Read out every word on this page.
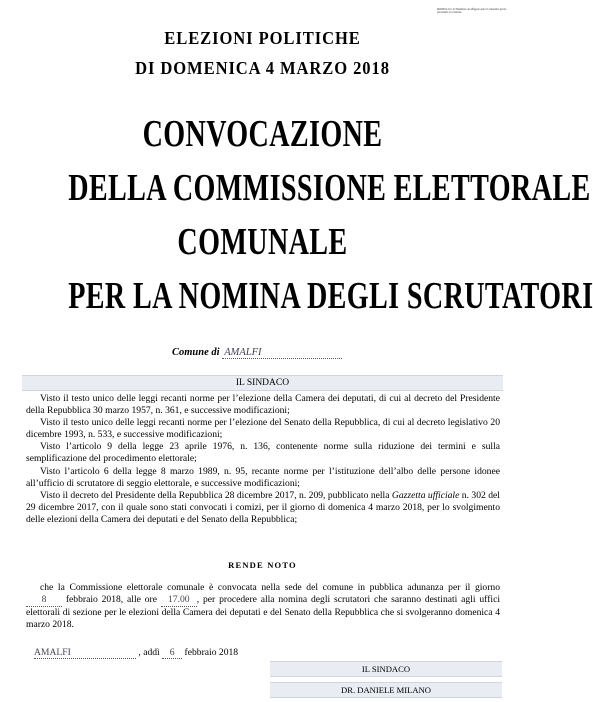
MODELLO n. 47 Manifesto da affiggere entro il ventesimo giorno precedente la votazione
ELEZIONI POLITICHE
DI DOMENICA 4 MARZO 2018
CONVOCAZIONE
DELLA COMMISSIONE ELETTORALE
COMUNALE
PER LA NOMINA DEGLI SCRUTATORI
Comune di AMALFI
IL SINDACO

Visto il testo unico delle leggi recanti norme per l’elezione della Camera dei deputati, di cui al decreto del Presidente della Repubblica 30 marzo 1957, n. 361, e successive modificazioni;

Visto il testo unico delle leggi recanti norme per l’elezione del Senato della Repubblica, di cui al decreto legislativo 20 dicembre 1993, n. 533, e successive modificazioni;

Visto l’articolo 9 della legge 23 aprile 1976, n. 136, contenente norme sulla riduzione dei termini e sulla semplificazione del procedimento elettorale;

Visto l’articolo 6 della legge 8 marzo 1989, n. 95, recante norme per l’istituzione dell’albo delle persone idonee all’ufficio di scrutatore di seggio elettorale, e successive modificazioni;

Visto il decreto del Presidente della Repubblica 28 dicembre 2017, n. 209, pubblicato nella Gazzetta ufficiale n. 302 del 29 dicembre 2017, con il quale sono stati convocati i comizi, per il giorno di domenica 4 marzo 2018, per lo svolgimento delle elezioni della Camera dei deputati e del Senato della Repubblica;

RENDE NOTO

che la Commissione elettorale comunale è convocata nella sede del comune in pubblica adunanza per il giorno 8 febbraio 2018, alle ore 17.00 , per procedere alla nomina degli scrutatori che saranno destinati agli uffici elettorali di sezione per le elezioni della Camera dei deputati e del Senato della Repubblica che si svolgeranno domenica 4 marzo 2018.

AMALFI	, addì 6 febbraio 2018
IL SINDACO
DR. DANIELE MILANO
